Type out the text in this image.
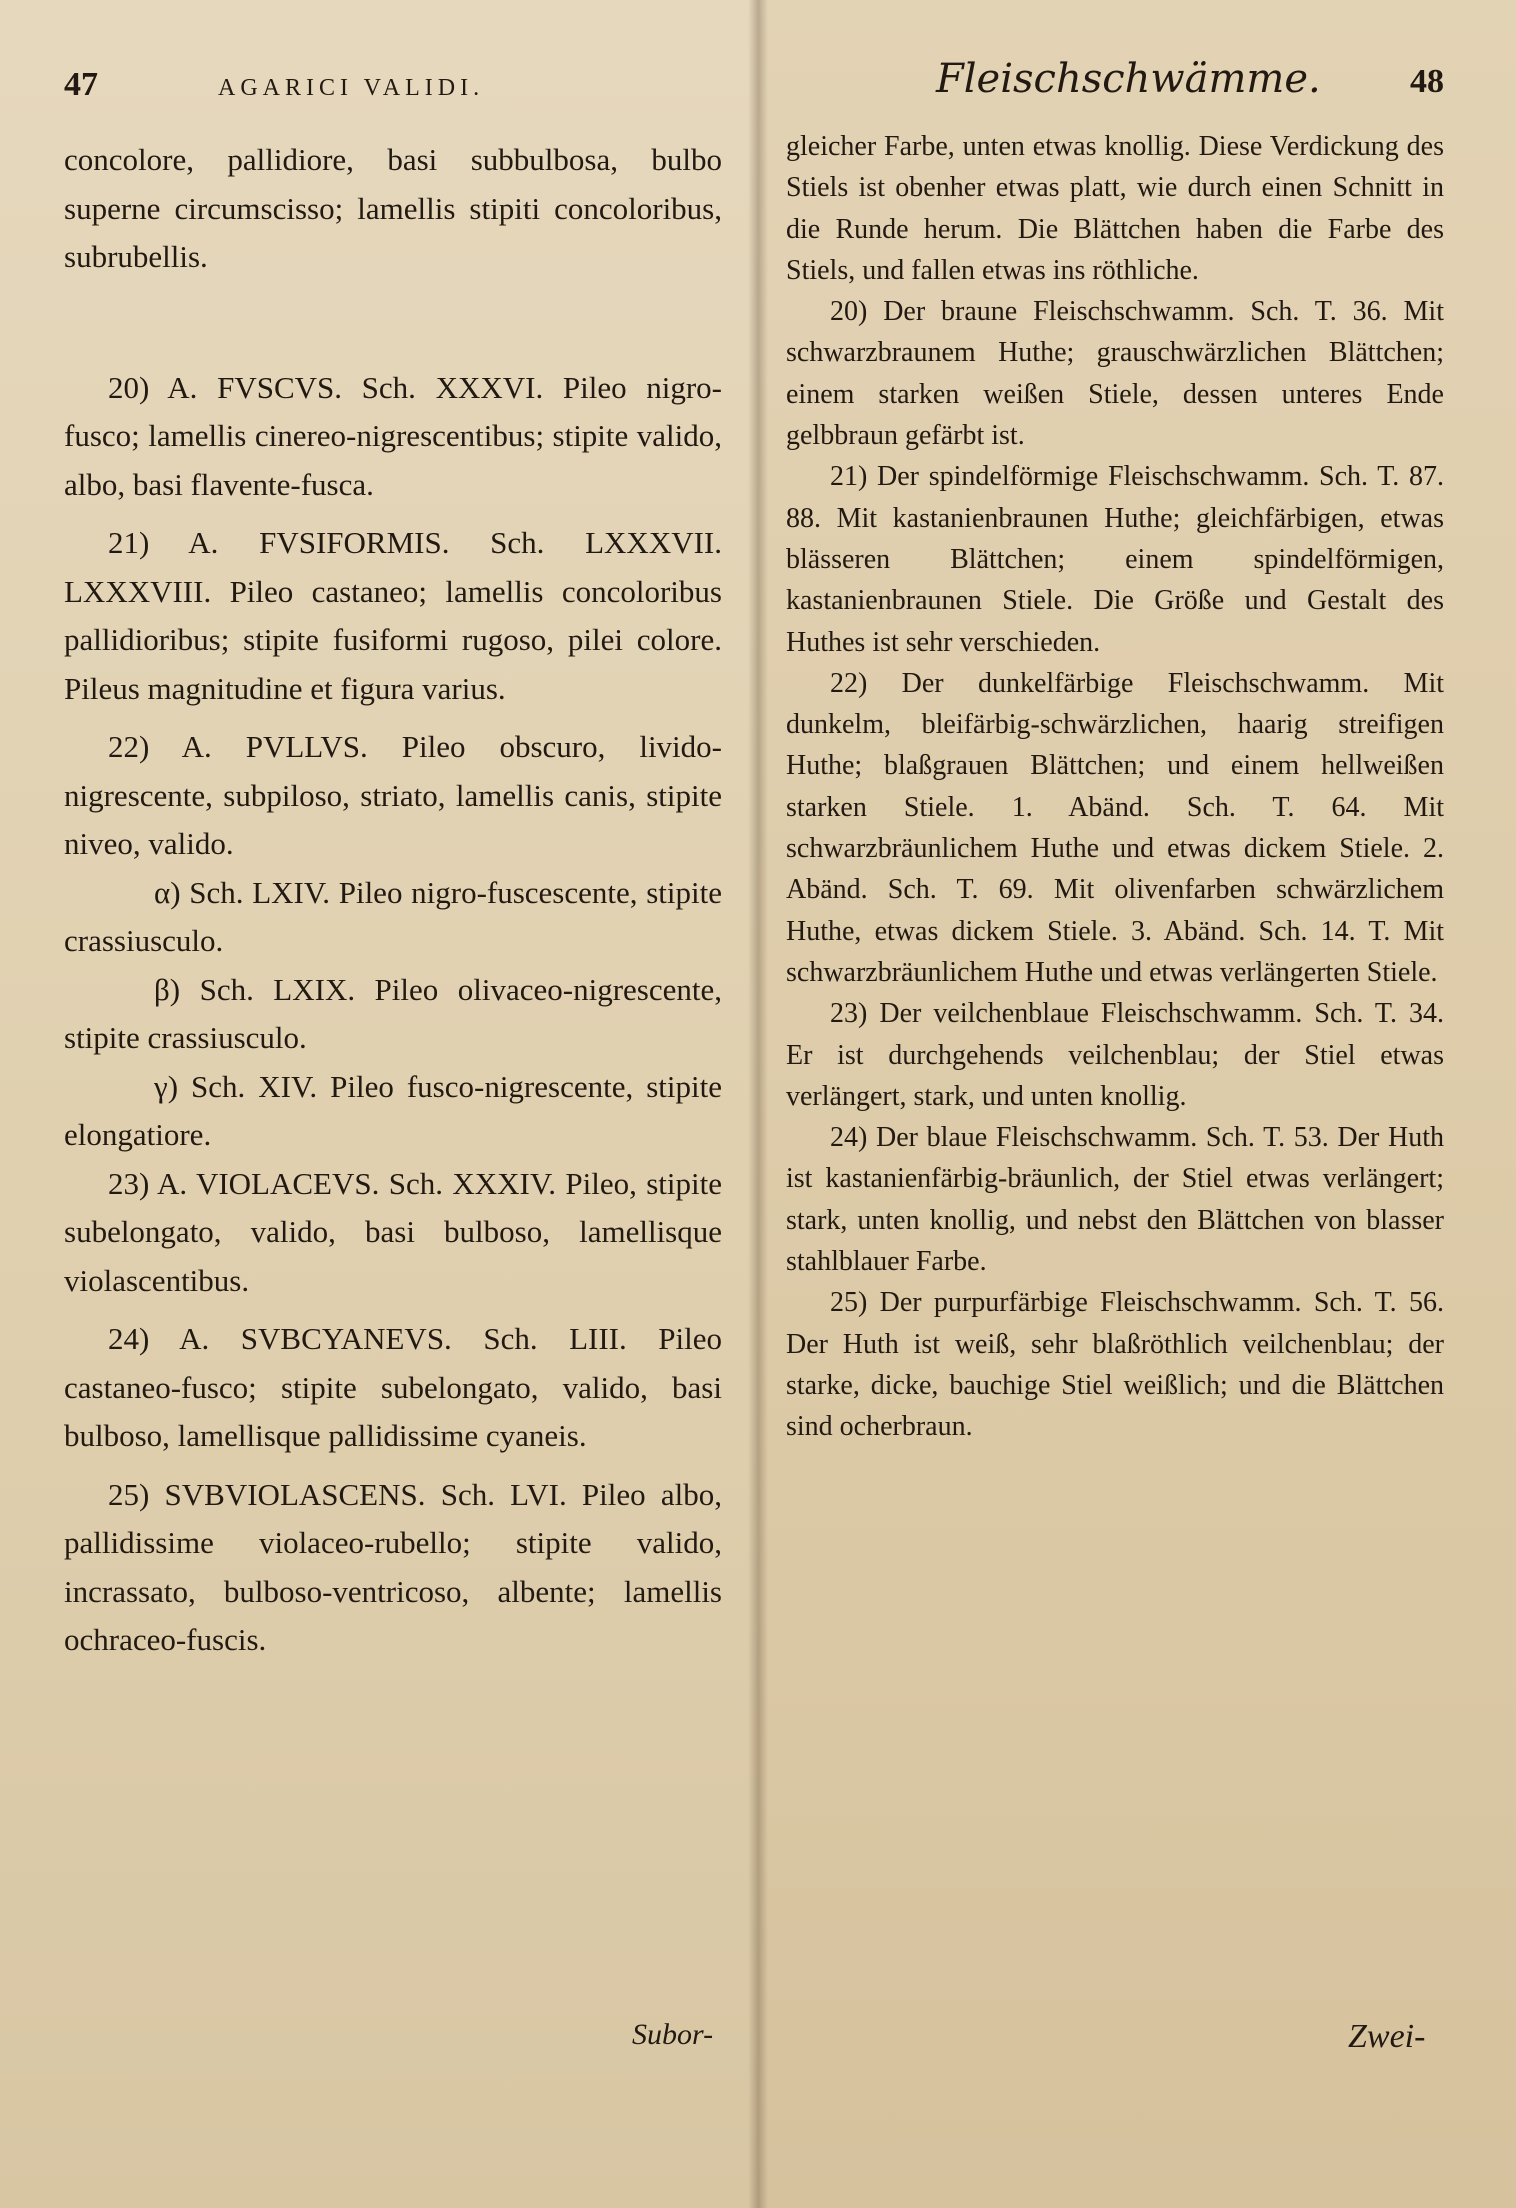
47	AGARICI VALIDI.

concolore, pallidiore, basi subbulbosa, bulbo superne circumscisso; lamellis stipiti concoloribus, subrubellis.

20) A. FVSCVS. Sch. XXXVI. Pileo nigro-fusco; lamellis cinereo-nigrescentibus; stipite valido, albo, basi flavente-fusca.

21) A. FVSIFORMIS. Sch. LXXXVII. LXXXVIII. Pileo castaneo; lamellis concoloribus pallidioribus; stipite fusiformi rugoso, pilei colore. Pileus magnitudine et figura varius.

22) A. PVLLVS. Pileo obscuro, livido-nigrescente, subpiloso, striato, lamellis canis, stipite niveo, valido.

α) Sch. LXIV. Pileo nigro-fuscescente, stipite crassiusculo.

β) Sch. LXIX. Pileo olivaceo-nigrescente, stipite crassiusculo.

γ) Sch. XIV. Pileo fusco-nigrescente, stipite elongatiore.

23) A. VIOLACEVS. Sch. XXXIV. Pileo, stipite subelongato, valido, basi bulboso, lamellisque violascentibus.

24) A. SVBCYANEVS. Sch. LIII. Pileo castaneo-fusco; stipite subelongato, valido, basi bulboso, lamellisque pallidissime cyaneis.

25) SVBVIOLASCENS. Sch. LVI. Pileo albo, pallidissime violaceo-rubello; stipite valido, incrassato, bulboso-ventricoso, albente; lamellis ochraceo-fuscis.

Subor-
Fleischschwämme.	48

gleicher Farbe, unten etwas knollig. Diese Verdickung des Stiels ist obenher etwas platt, wie durch einen Schnitt in die Runde herum. Die Blättchen haben die Farbe des Stiels, und fallen etwas ins röthliche.

20) Der braune Fleischschwamm. Sch. T. 36. Mit schwarzbraunem Huthe; grauschwärzlichen Blättchen; einem starken weißen Stiele, dessen unteres Ende gelbbraun gefärbt ist.

21) Der spindelförmige Fleischschwamm. Sch. T. 87. 88. Mit kastanienbraunen Huthe; gleichfärbigen, etwas blässeren Blättchen; einem spindelförmigen, kastanienbraunen Stiele. Die Größe und Gestalt des Huthes ist sehr verschieden.

22) Der dunkelfärbige Fleischschwamm. Mit dunkelm, bleifärbig-schwärzlichen, haarig streifigen Huthe; blaßgrauen Blättchen; und einem hellweißen starken Stiele. 1. Abänd. Sch. T. 64. Mit schwarzbräunlichem Huthe und etwas dickem Stiele. 2. Abänd. Sch. T. 69. Mit olivenfarben schwärzlichem Huthe, etwas dickem Stiele. 3. Abänd. Sch. 14. T. Mit schwarzbräunlichem Huthe und etwas verlängerten Stiele.

23) Der veilchenblaue Fleischschwamm. Sch. T. 34. Er ist durchgehends veilchenblau; der Stiel etwas verlängert, stark, und unten knollig.

24) Der blaue Fleischschwamm. Sch. T. 53. Der Huth ist kastanienfärbig-bräunlich, der Stiel etwas verlängert; stark, unten knollig, und nebst den Blättchen von blasser stahlblauer Farbe.

25) Der purpurfärbige Fleischschwamm. Sch. T. 56. Der Huth ist weiß, sehr blaßröthlich veilchenblau; der starke, dicke, bauchige Stiel weißlich; und die Blättchen sind ocherbraun.

Zwei-
